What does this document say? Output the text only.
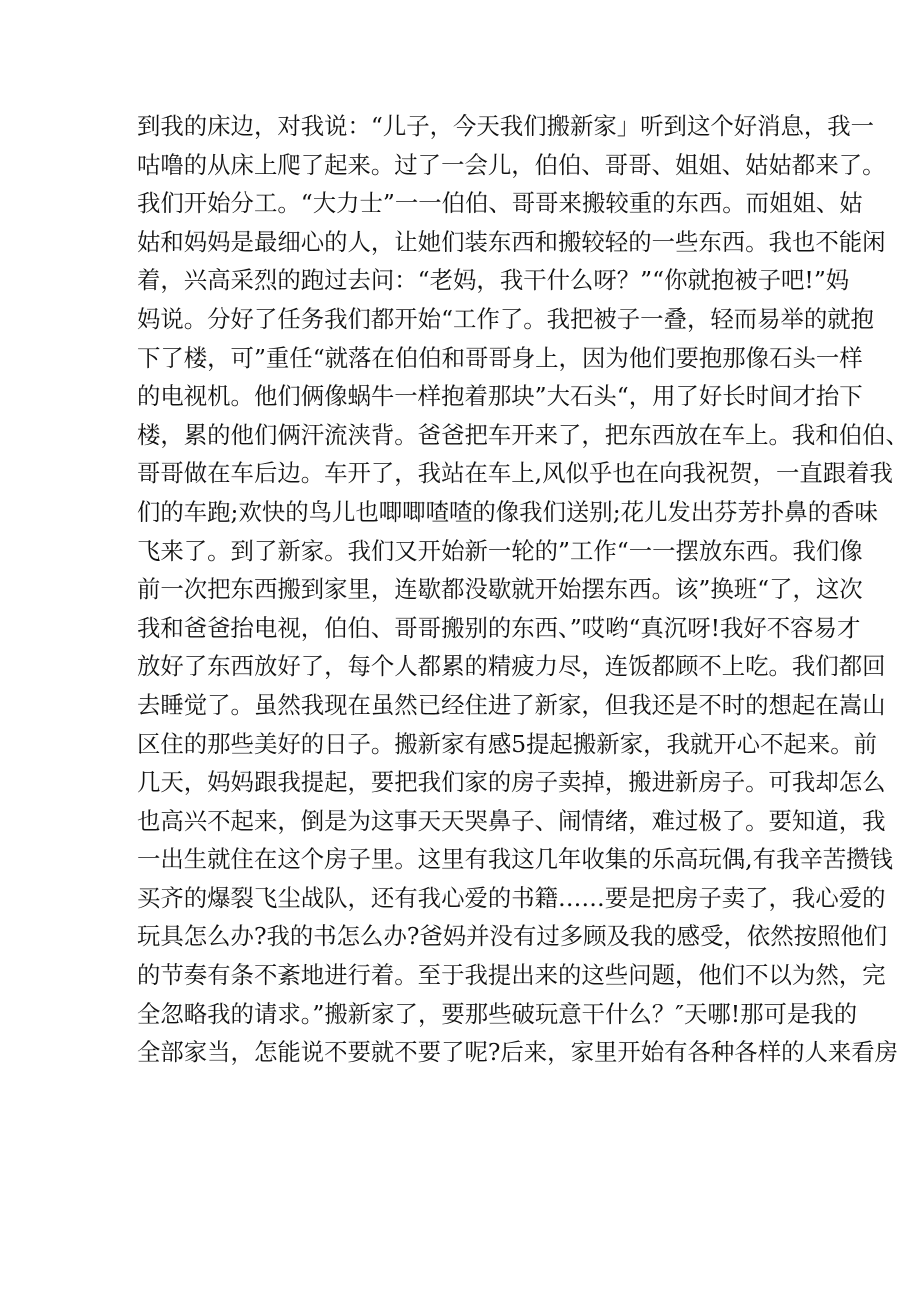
到我的床边，对我说：“儿子，今天我们搬新家」听到这个好消息，我一
咕噜的从床上爬了起来。过了一会儿，伯伯、哥哥、姐姐、姑姑都来了。
我们开始分工。“大力士”一一伯伯、哥哥来搬较重的东西。而姐姐、姑
姑和妈妈是最细心的人，让她们装东西和搬较轻的一些东西。我也不能闲
着，兴高采烈的跑过去问：“老妈，我干什么呀？”“你就抱被子吧!”妈
妈说。分好了任务我们都开始“工作了。我把被子一叠，轻而易举的就抱
下了楼，可”重任“就落在伯伯和哥哥身上，因为他们要抱那像石头一样
的电视机。他们俩像蜗牛一样抱着那块”大石头“，用了好长时间才抬下
楼，累的他们俩汗流浃背。爸爸把车开来了，把东西放在车上。我和伯伯、
哥哥做在车后边。车开了，我站在车上,风似乎也在向我祝贺，一直跟着我
们的车跑;欢快的鸟儿也唧唧喳喳的像我们送别;花儿发出芬芳扑鼻的香味
飞来了。到了新家。我们又开始新一轮的”工作“一一摆放东西。我们像
前一次把东西搬到家里，连歇都没歇就开始摆东西。该”换班“了，这次
我和爸爸抬电视，伯伯、哥哥搬别的东西、”哎哟“真沉呀!我好不容易才
放好了东西放好了，每个人都累的精疲力尽，连饭都顾不上吃。我们都回
去睡觉了。虽然我现在虽然已经住进了新家，但我还是不时的想起在嵩山
区住的那些美好的日子。搬新家有感5提起搬新家，我就开心不起来。前
几天，妈妈跟我提起，要把我们家的房子卖掉，搬进新房子。可我却怎么
也高兴不起来，倒是为这事天天哭鼻子、闹情绪，难过极了。要知道，我
一出生就住在这个房子里。这里有我这几年收集的乐高玩偶,有我辛苦攒钱
买齐的爆裂飞尘战队，还有我心爱的书籍……要是把房子卖了，我心爱的
玩具怎么办?我的书怎么办?爸妈并没有过多顾及我的感受，依然按照他们
的节奏有条不紊地进行着。至于我提出来的这些问题，他们不以为然，完
全忽略我的请求。”搬新家了，要那些破玩意干什么？″天哪!那可是我的
全部家当，怎能说不要就不要了呢?后来，家里开始有各种各样的人来看房
